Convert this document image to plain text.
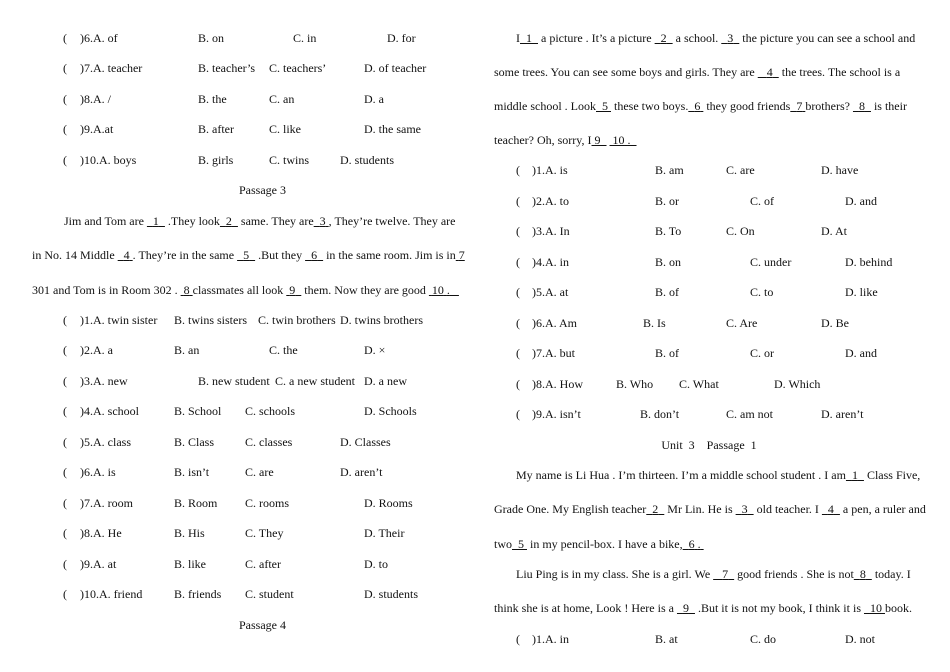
( )6.A. of	B. on	C. in	D. for
( )7.A. teacher	B. teacher’s C. teachers’	D. of teacher
( )8.A. /	B. the	C. an	D. a
( )9.A.at	B. after	C. like	D. the same
( )10.A. boys	B. girls	C. twins	D. students
Passage 3
Jim and Tom are 1 .They look 2 same. They are 3 , They’re twelve. They are
in No. 14 Middle 4 . They’re in the same 5 .But they 6 in the same room. Jim is in 7
301 and Tom is in Room 302 . 8 classmates all look 9 them. Now they are good 10 .
( )1.A. twin sister B. twins sisters C. twin brothers D. twins brothers
( )2.A. a	B. an	C. the	D. ×
( )3.A. new	B. new student C. a new student D. a new
( )4.A. school	B. School C. schools	D. Schools
( )5.A. class	B. Class	C. classes	D. Classes
( )6.A. is	B. isn’t	C. are	D. aren’t
( )7.A. room	B. Room C. rooms	D. Rooms
( )8.A. He	B. His	C. They	D. Their
( )9.A. at	B. like	C. after	D. to
( )10.A. friend	B. friends C. student	D. students
Passage 4
I 1 a picture . It’s a picture 2 a school. 3 the picture you can see a school and
some trees. You can see some boys and girls. They are 4 the trees. The school is a
middle school . Look 5 these two boys. 6 they good friends 7 brothers? 8 is their
teacher? Oh, sorry, I 9 10 .
( )1.A. is	B. am	C. are	D. have
( )2.A. to	B. or	C. of	D. and
( )3.A. In	B. To	C. On	D. At
( )4.A. in	B. on	C. under	D. behind
( )5.A. at	B. of	C. to	D. like
( )6.A. Am	B. Is	C. Are	D. Be
( )7.A. but	B. of	C. or	D. and
( )8.A. How	B. Who C. What	D. Which
( )9.A. isn’t	B. don’t	C. am not	D. aren’t
Unit  3    Passage  1
My name is Li Hua . I’m thirteen. I’m a middle school student . I am 1 Class Five,
Grade One. My English teacher 2 Mr Lin. He is 3 old teacher. I 4 a pen, a ruler and
two 5 in my pencil-box. I have a bike, 6 .
Liu Ping is in my class. She is a girl. We 7 good friends . She is not 8 today. I
think she is at home, Look ! Here is a 9 .But it is not my book, I think it is 10 book.
( )1.A. in	B. at	C. do	D. not
